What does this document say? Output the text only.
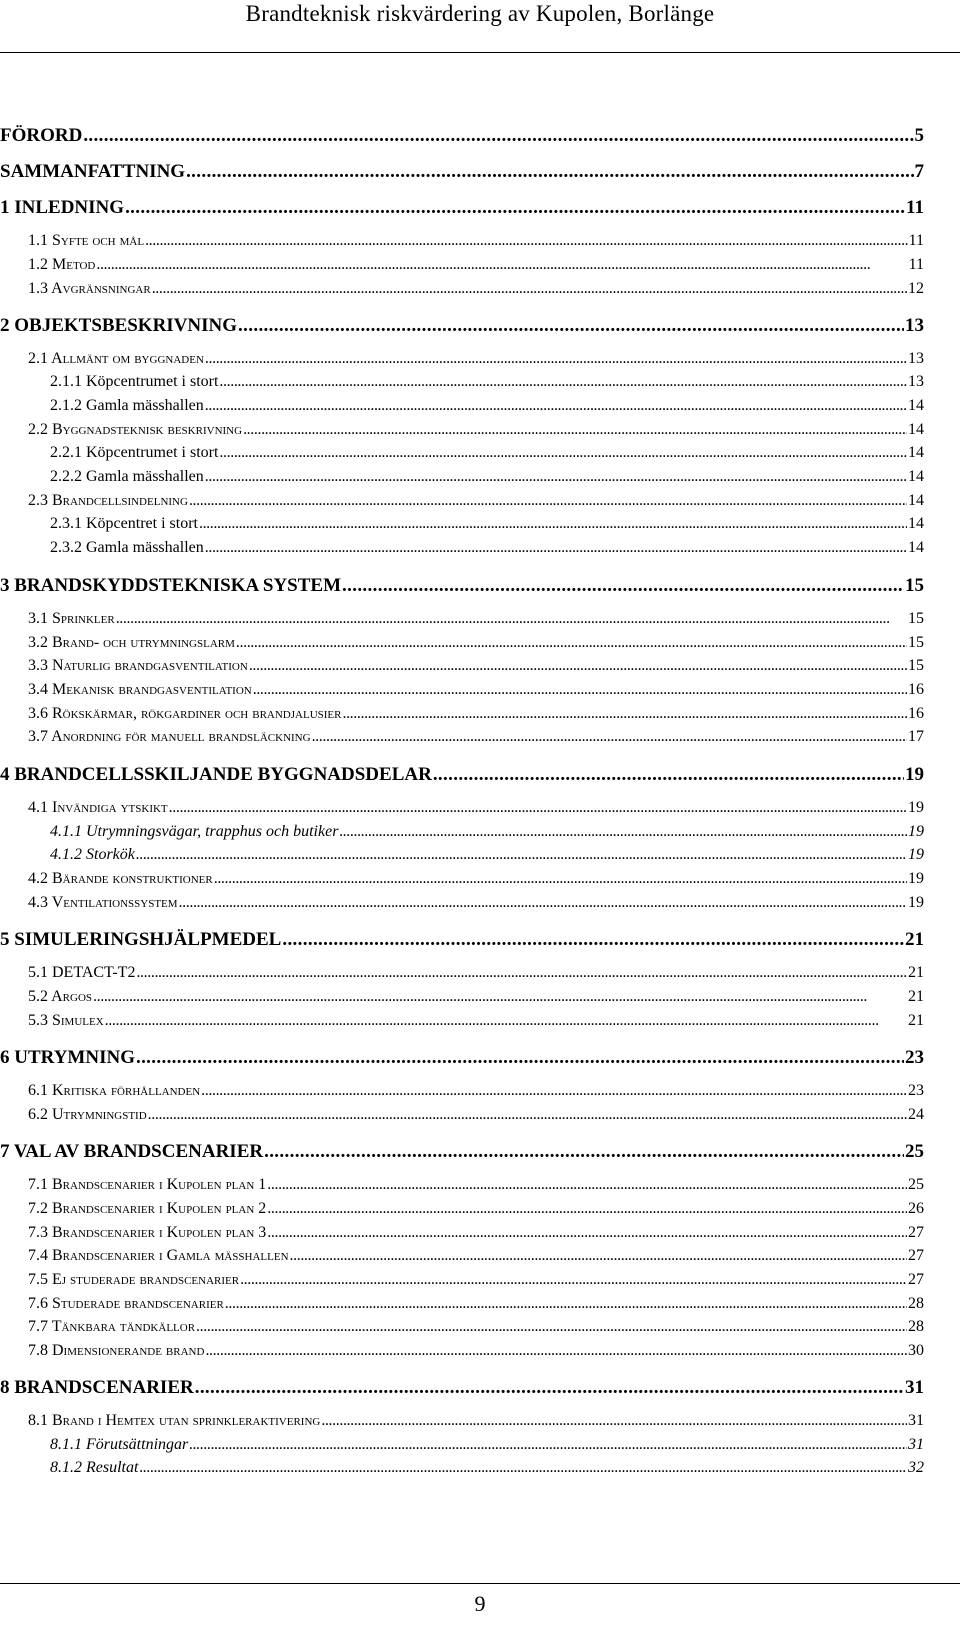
Brandteknisk riskvärdering av Kupolen, Borlänge
FÖRORD . . .	5
SAMMANFATTNING . . .	7
1 INLEDNING . . .	11
1.1 Syfte och mål . . .	11
1.2 Metod . . .	11
1.3 Avgränsningar . . .	12
2 OBJEKTSBESKRIVNING . . .	13
2.1 Allmänt om byggnaden . . .	13
2.1.1 Köpcentrumet i stort . . .	13
2.1.2 Gamla mässhallen . . .	14
2.2 Byggnadsteknisk beskrivning . . .	14
2.2.1 Köpcentrumet i stort . . .	14
2.2.2 Gamla mässhallen . . .	14
2.3 Brandcellsindelning . . .	14
2.3.1 Köpcentret i stort . . .	14
2.3.2 Gamla mässhallen . . .	14
3 BRANDSKYDDSTEKNISKA SYSTEM . . .	15
3.1 Sprinkler . . .	15
3.2 Brand- och utrymningslarm . . .	15
3.3 Naturlig brandgasventilation . . .	15
3.4 Mekanisk brandgasventilation . . .	16
3.6 Rökskärmar, rökgardiner och brandjalusier . . .	16
3.7 Anordning för manuell brandsläckning . . .	17
4 BRANDCELLSSKILJANDE BYGGNADSDELAR . . .	19
4.1 Invändiga ytskikt . . .	19
4.1.1 Utrymningsvägar, trapphus och butiker . . .	19
4.1.2 Storkök . . .	19
4.2 Bärande konstruktioner . . .	19
4.3 Ventilationssystem . . .	19
5 SIMULERINGSHJÄLPMEDEL . . .	21
5.1 DETACT-T2 . . .	21
5.2 Argos . . .	21
5.3 Simulex . . .	21
6 UTRYMNING . . .	23
6.1 Kritiska förhållanden . . .	23
6.2 Utrymningstid . . .	24
7 VAL AV BRANDSCENARIER . . .	25
7.1 Brandscenarier i Kupolen plan 1 . . .	25
7.2 Brandscenarier i Kupolen plan 2 . . .	26
7.3 Brandscenarier i Kupolen plan 3 . . .	27
7.4 Brandscenarier i Gamla mässhallen . . .	27
7.5 Ej studerade brandscenarier . . .	27
7.6 Studerade brandscenarier . . .	28
7.7 Tänkbara tändkällor . . .	28
7.8 Dimensionerande brand . . .	30
8 BRANDSCENARIER . . .	31
8.1 Brand i Hemtex utan sprinkleraktivering . . .	31
8.1.1 Förutsättningar . . .	31
8.1.2 Resultat . . .	32
9
